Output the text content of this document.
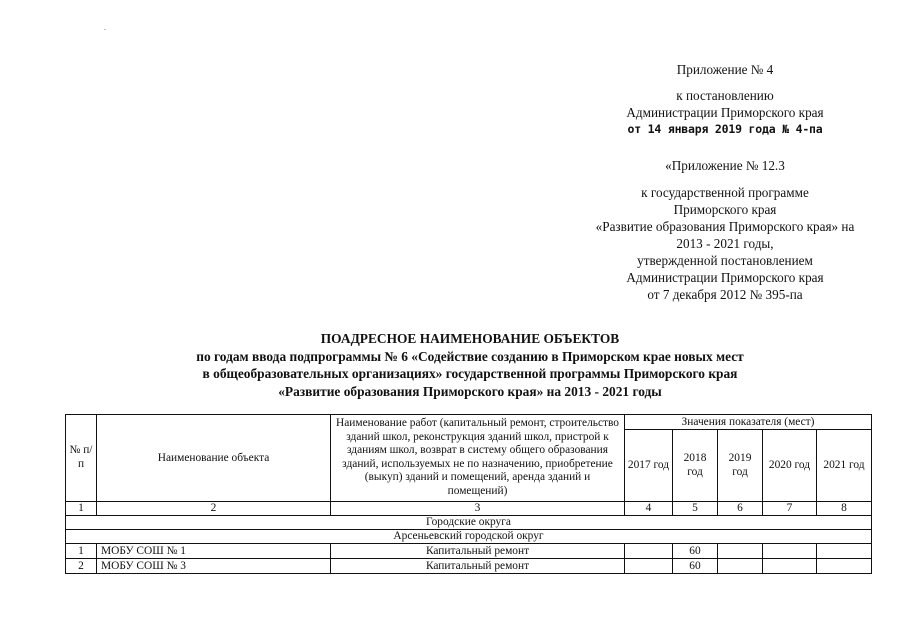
Приложение № 4
к постановлению
Администрации Приморского края
от 14 января 2019 года № 4-па
«Приложение № 12.3
к государственной программе
Приморского края
«Развитие образования Приморского края» на
2013 - 2021 годы,
утвержденной постановлением
Администрации Приморского края
от 7 декабря 2012 № 395-па
ПОАДРЕСНОЕ НАИМЕНОВАНИЕ ОБЪЕКТОВ
по годам ввода подпрограммы № 6 «Содействие созданию в Приморском крае новых мест
в общеобразовательных организациях» государственной программы Приморского края
«Развитие образования Приморского края» на 2013 - 2021 годы
№ п/п	Наименование объекта	Наименование работ (капитальный ремонт, строительство зданий школ, реконструкция зданий школ, пристрой к зданиям школ, возврат в систему общего образования зданий, используемых не по назначению, приобретение (выкуп) зданий и помещений, аренда зданий и помещений)	Значения показателя (мест)				
			2017 год	2018 год	2019 год	2020 год	2021 год
1	2	3	4	5	6	7	8
Городские округа							
Арсеньевский городской округ							
1	МОБУ СОШ № 1	Капитальный ремонт		60			
2	МОБУ СОШ № 3	Капитальный ремонт		60			
